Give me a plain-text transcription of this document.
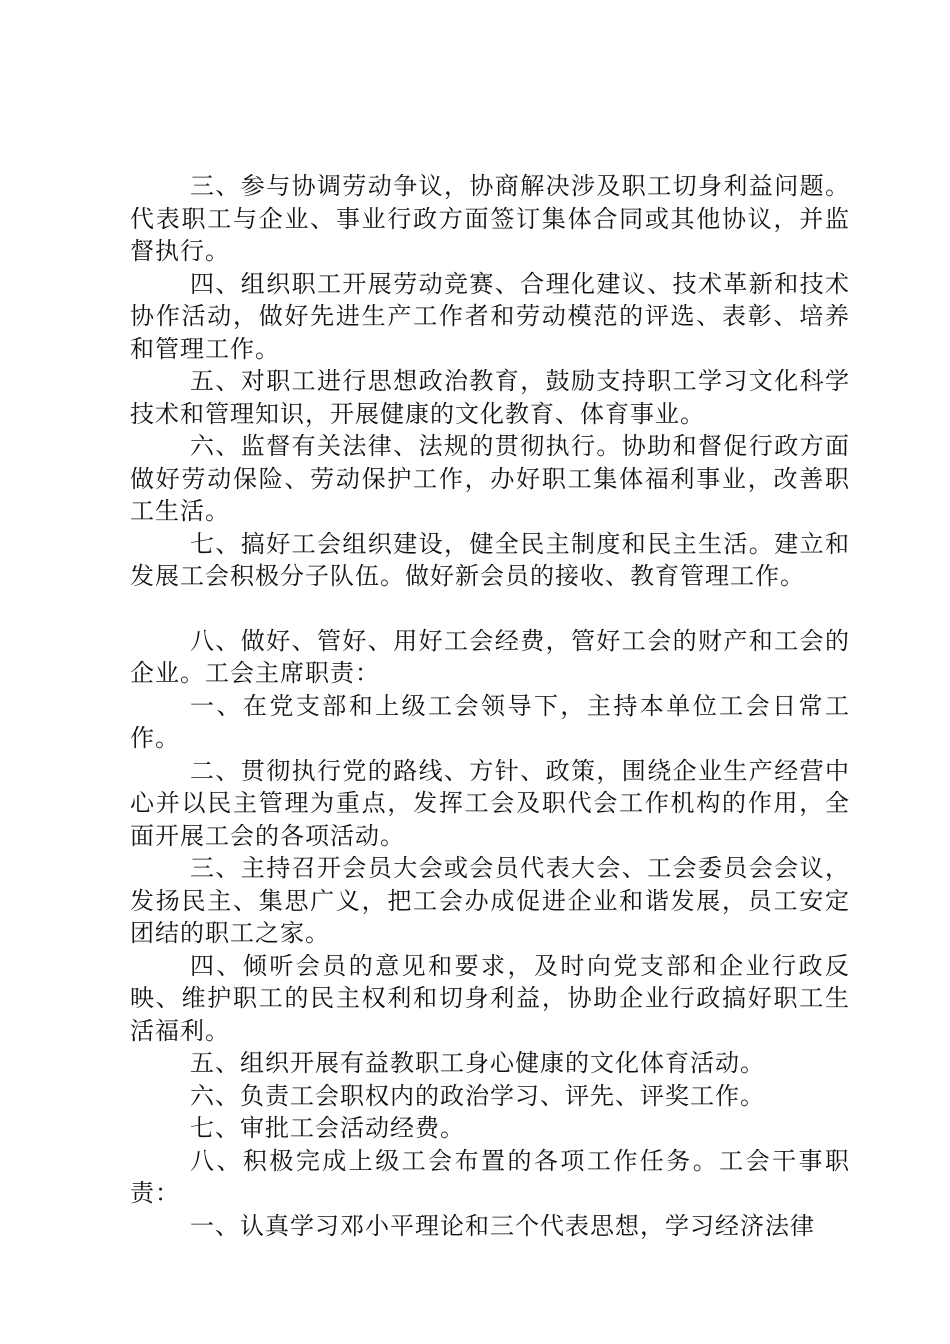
三、参与协调劳动争议，协商解决涉及职工切身利益问题。代表职工与企业、事业行政方面签订集体合同或其他协议，并监督执行。

四、组织职工开展劳动竞赛、合理化建议、技术革新和技术协作活动，做好先进生产工作者和劳动模范的评选、表彰、培养和管理工作。

五、对职工进行思想政治教育，鼓励支持职工学习文化科学技术和管理知识，开展健康的文化教育、体育事业。

六、监督有关法律、法规的贯彻执行。协助和督促行政方面做好劳动保险、劳动保护工作，办好职工集体福利事业，改善职工生活。

七、搞好工会组织建设，健全民主制度和民主生活。建立和发展工会积极分子队伍。做好新会员的接收、教育管理工作。

八、做好、管好、用好工会经费，管好工会的财产和工会的企业。工会主席职责：

一、在党支部和上级工会领导下，主持本单位工会日常工作。

二、贯彻执行党的路线、方针、政策，围绕企业生产经营中心并以民主管理为重点，发挥工会及职代会工作机构的作用，全面开展工会的各项活动。

三、主持召开会员大会或会员代表大会、工会委员会会议，发扬民主、集思广义，把工会办成促进企业和谐发展，员工安定团结的职工之家。

四、倾听会员的意见和要求，及时向党支部和企业行政反映、维护职工的民主权利和切身利益，协助企业行政搞好职工生活福利。

五、组织开展有益教职工身心健康的文化体育活动。

六、负责工会职权内的政治学习、评先、评奖工作。

七、审批工会活动经费。

八、积极完成上级工会布置的各项工作任务。工会干事职责：

一、认真学习邓小平理论和三个代表思想，学习经济法律
